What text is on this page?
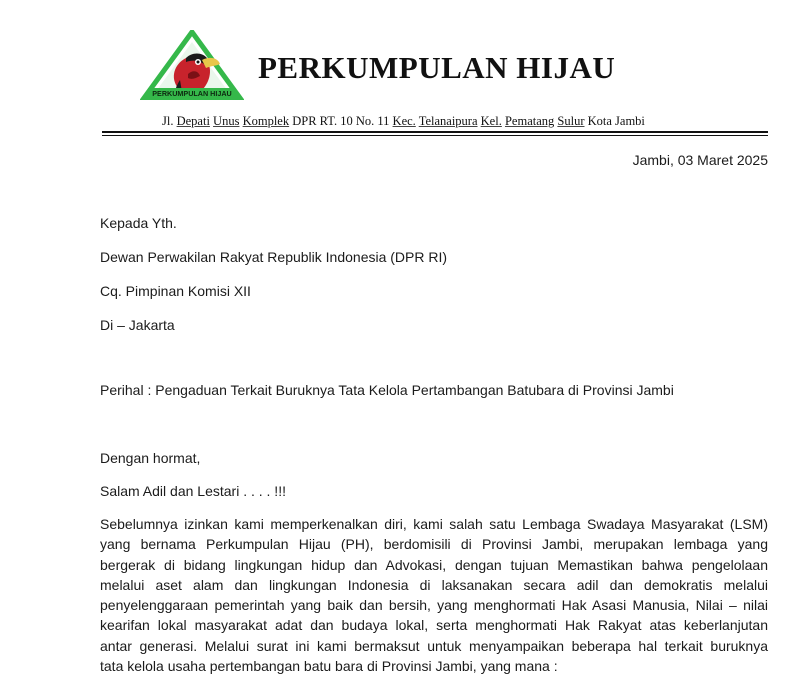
PERKUMPULAN HIJAU
PERKUMPULAN HIJAU
Jl. Depati Unus Komplek DPR RT. 10 No. 11 Kec. Telanaipura Kel. Pematang Sulur Kota Jambi
Jambi, 03 Maret 2025
Kepada Yth.
Dewan Perwakilan Rakyat Republik Indonesia (DPR RI)
Cq. Pimpinan Komisi XII
Di – Jakarta
Perihal : Pengaduan Terkait Buruknya Tata Kelola Pertambangan Batubara di Provinsi Jambi
Dengan hormat,
Salam Adil dan Lestari . . . . !!!
Sebelumnya izinkan kami memperkenalkan diri, kami salah satu Lembaga Swadaya Masyarakat (LSM)
yang bernama Perkumpulan Hijau (PH), berdomisili di Provinsi Jambi, merupakan lembaga yang
bergerak di bidang lingkungan hidup dan Advokasi, dengan tujuan Memastikan bahwa pengelolaan
melalui aset alam dan lingkungan Indonesia di laksanakan secara adil dan demokratis melalui
penyelenggaraan pemerintah yang baik dan bersih, yang menghormati Hak Asasi Manusia, Nilai – nilai
kearifan lokal masyarakat adat dan budaya lokal, serta menghormati Hak Rakyat atas keberlanjutan
antar generasi. Melalui surat ini kami bermaksut untuk menyampaikan beberapa hal terkait buruknya
tata kelola usaha pertembangan batu bara di Provinsi Jambi, yang mana :
